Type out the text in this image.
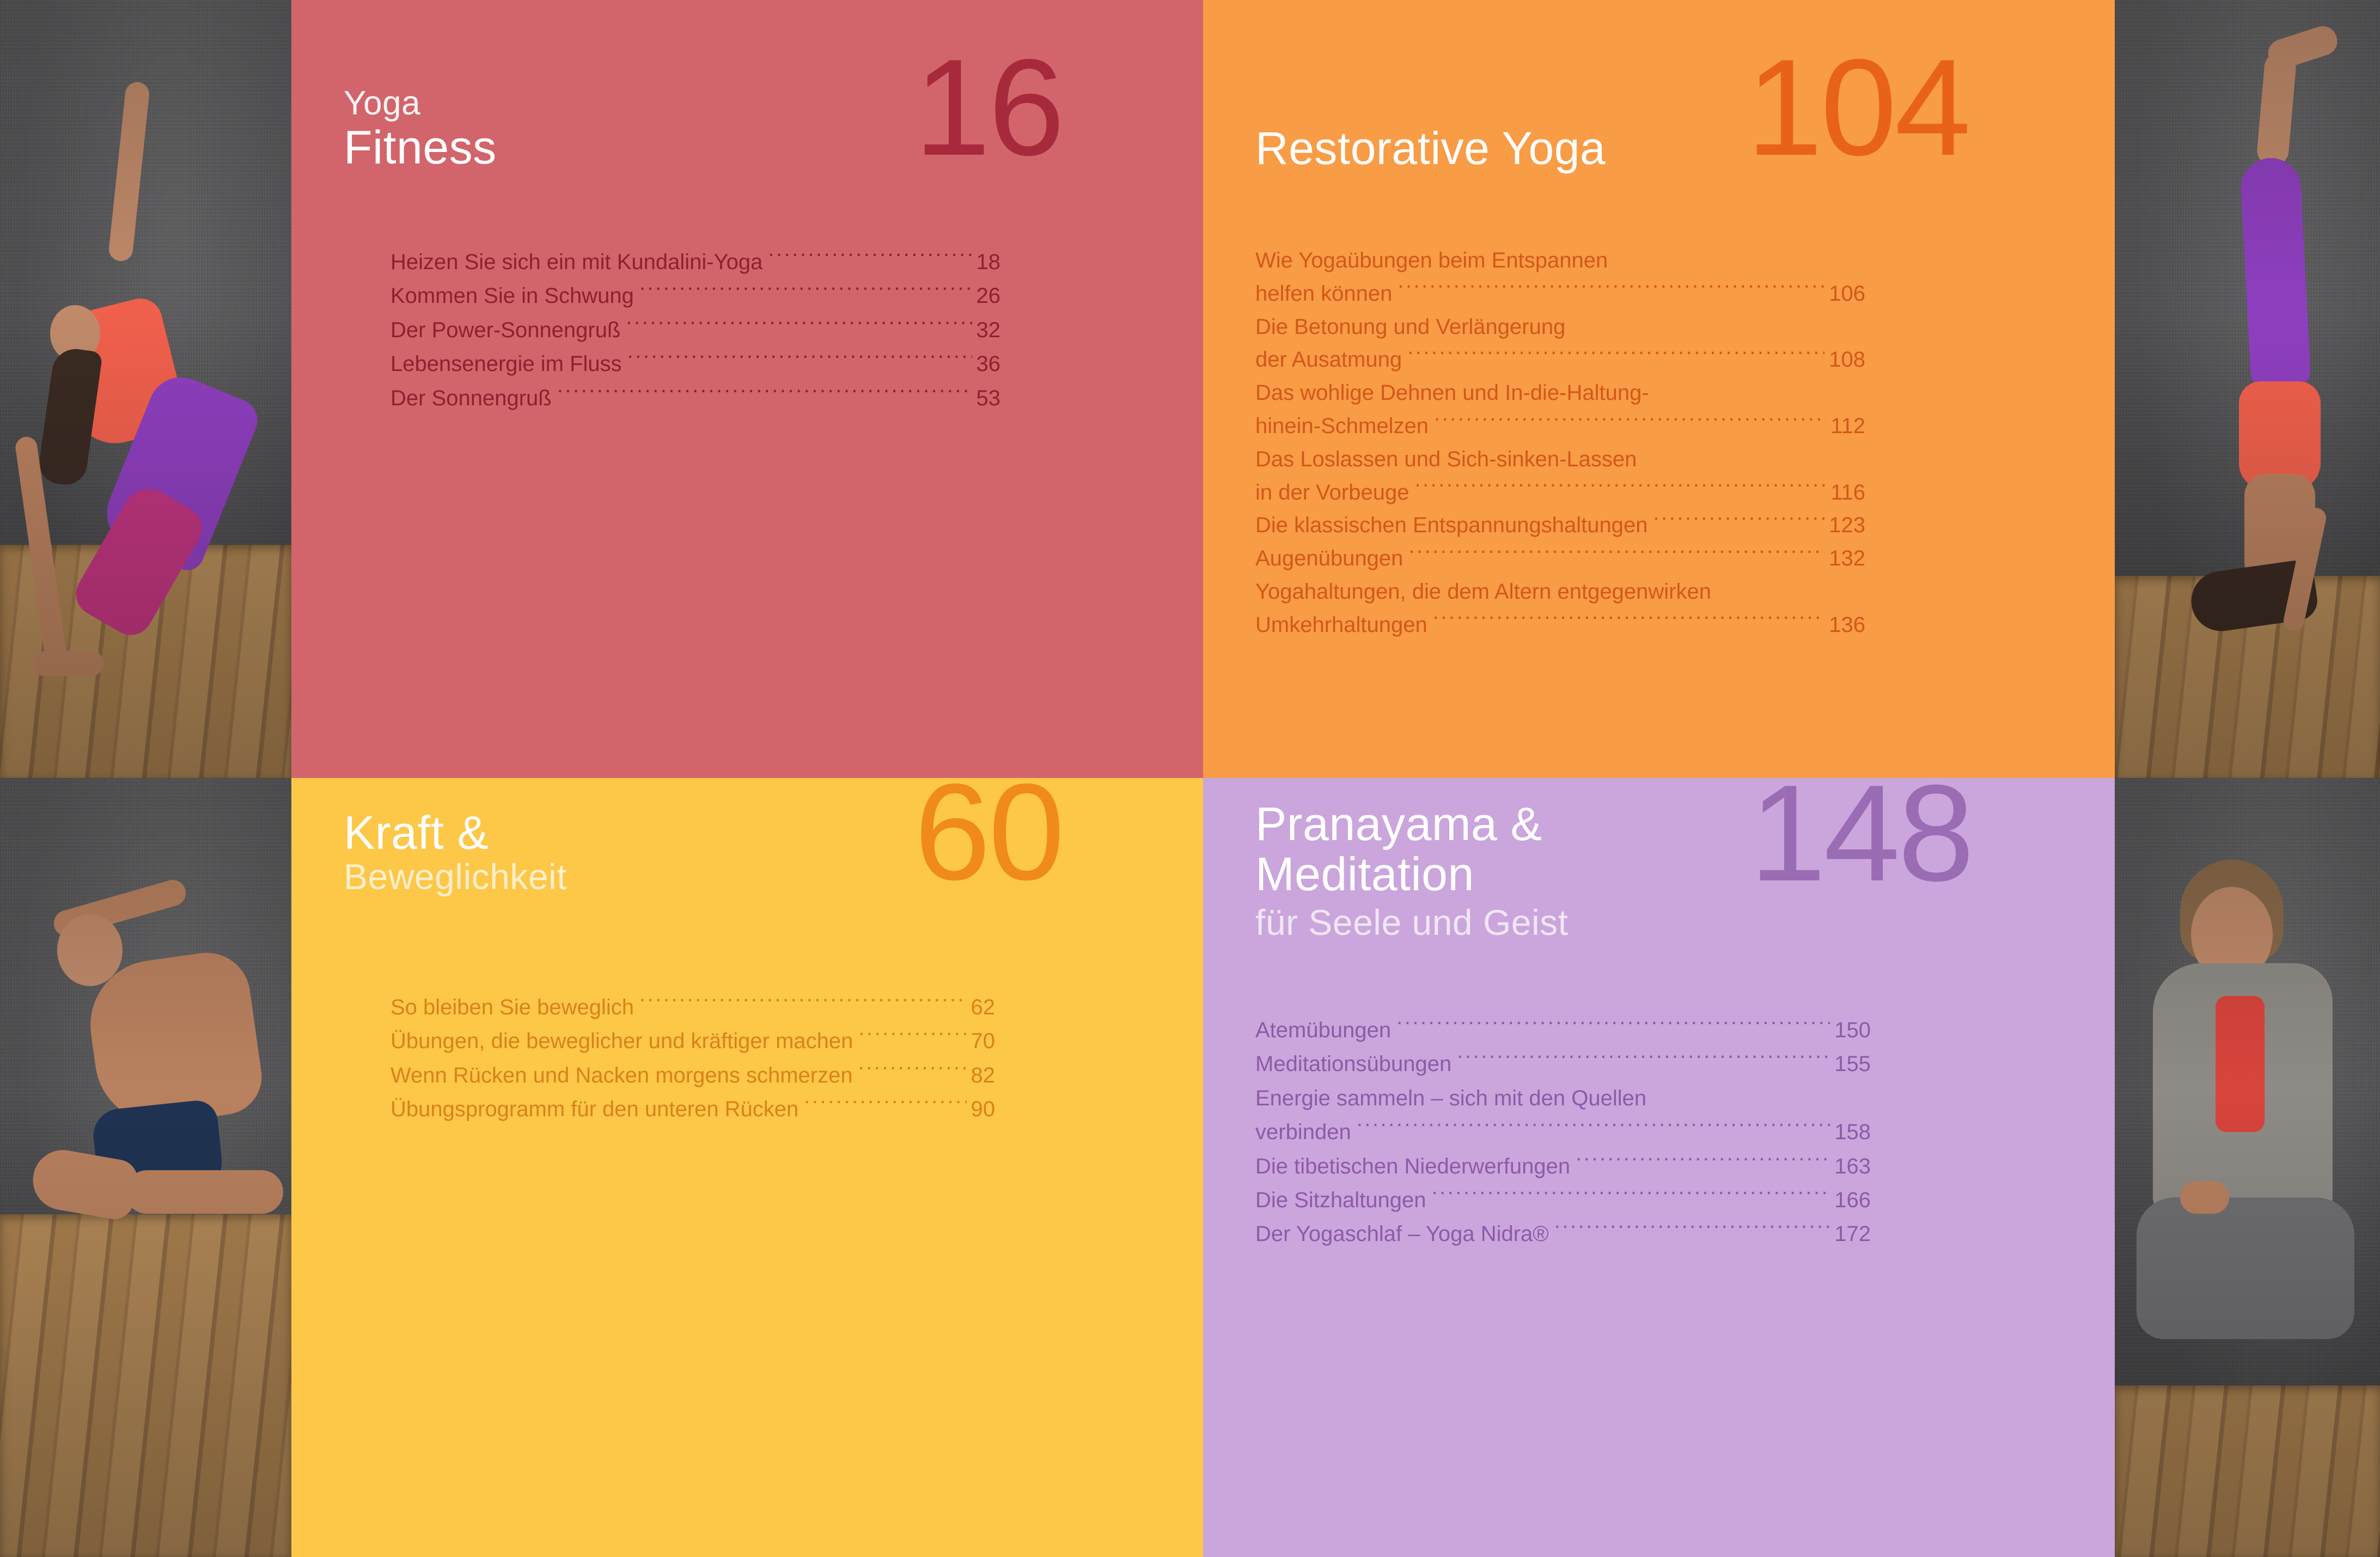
Yoga
Fitness	16
Heizen Sie sich ein mit Kundalini-Yoga .....	18
Kommen Sie in Schwung .....	26
Der Power-Sonnengruß .....	32
Lebensenergie im Fluss .....	36
Der Sonnengruß .....	53
Restorative Yoga 104
Wie Yogaübungen beim Entspannen
helfen können .....	106
Die Betonung und Verlängerung
der Ausatmung .....	108
Das wohlige Dehnen und In-die-Haltung-
hinein-Schmelzen .....	112
Das Loslassen und Sich-sinken-Lassen
in der Vorbeuge .....	116
Die klassischen Entspannungshaltungen .....	123
Augenübungen .....	132
Yogahaltungen, die dem Altern entgegenwirken
Umkehrhaltungen .....	136
Kraft &
Beweglichkeit	60
So bleiben Sie beweglich .....	62
Übungen, die beweglicher und kräftiger machen .....	70
Wenn Rücken und Nacken morgens schmerzen .....	82
Übungsprogramm für den unteren Rücken .....	90
Pranayama &
Meditation
für Seele und Geist
148
Atemübungen .....	150
Meditationsübungen .....	155
Energie sammeln – sich mit den Quellen
verbinden .....	158
Die tibetischen Niederwerfungen .....	163
Die Sitzhaltungen .....	166
Der Yogaschlaf – Yoga Nidra® .....	172
